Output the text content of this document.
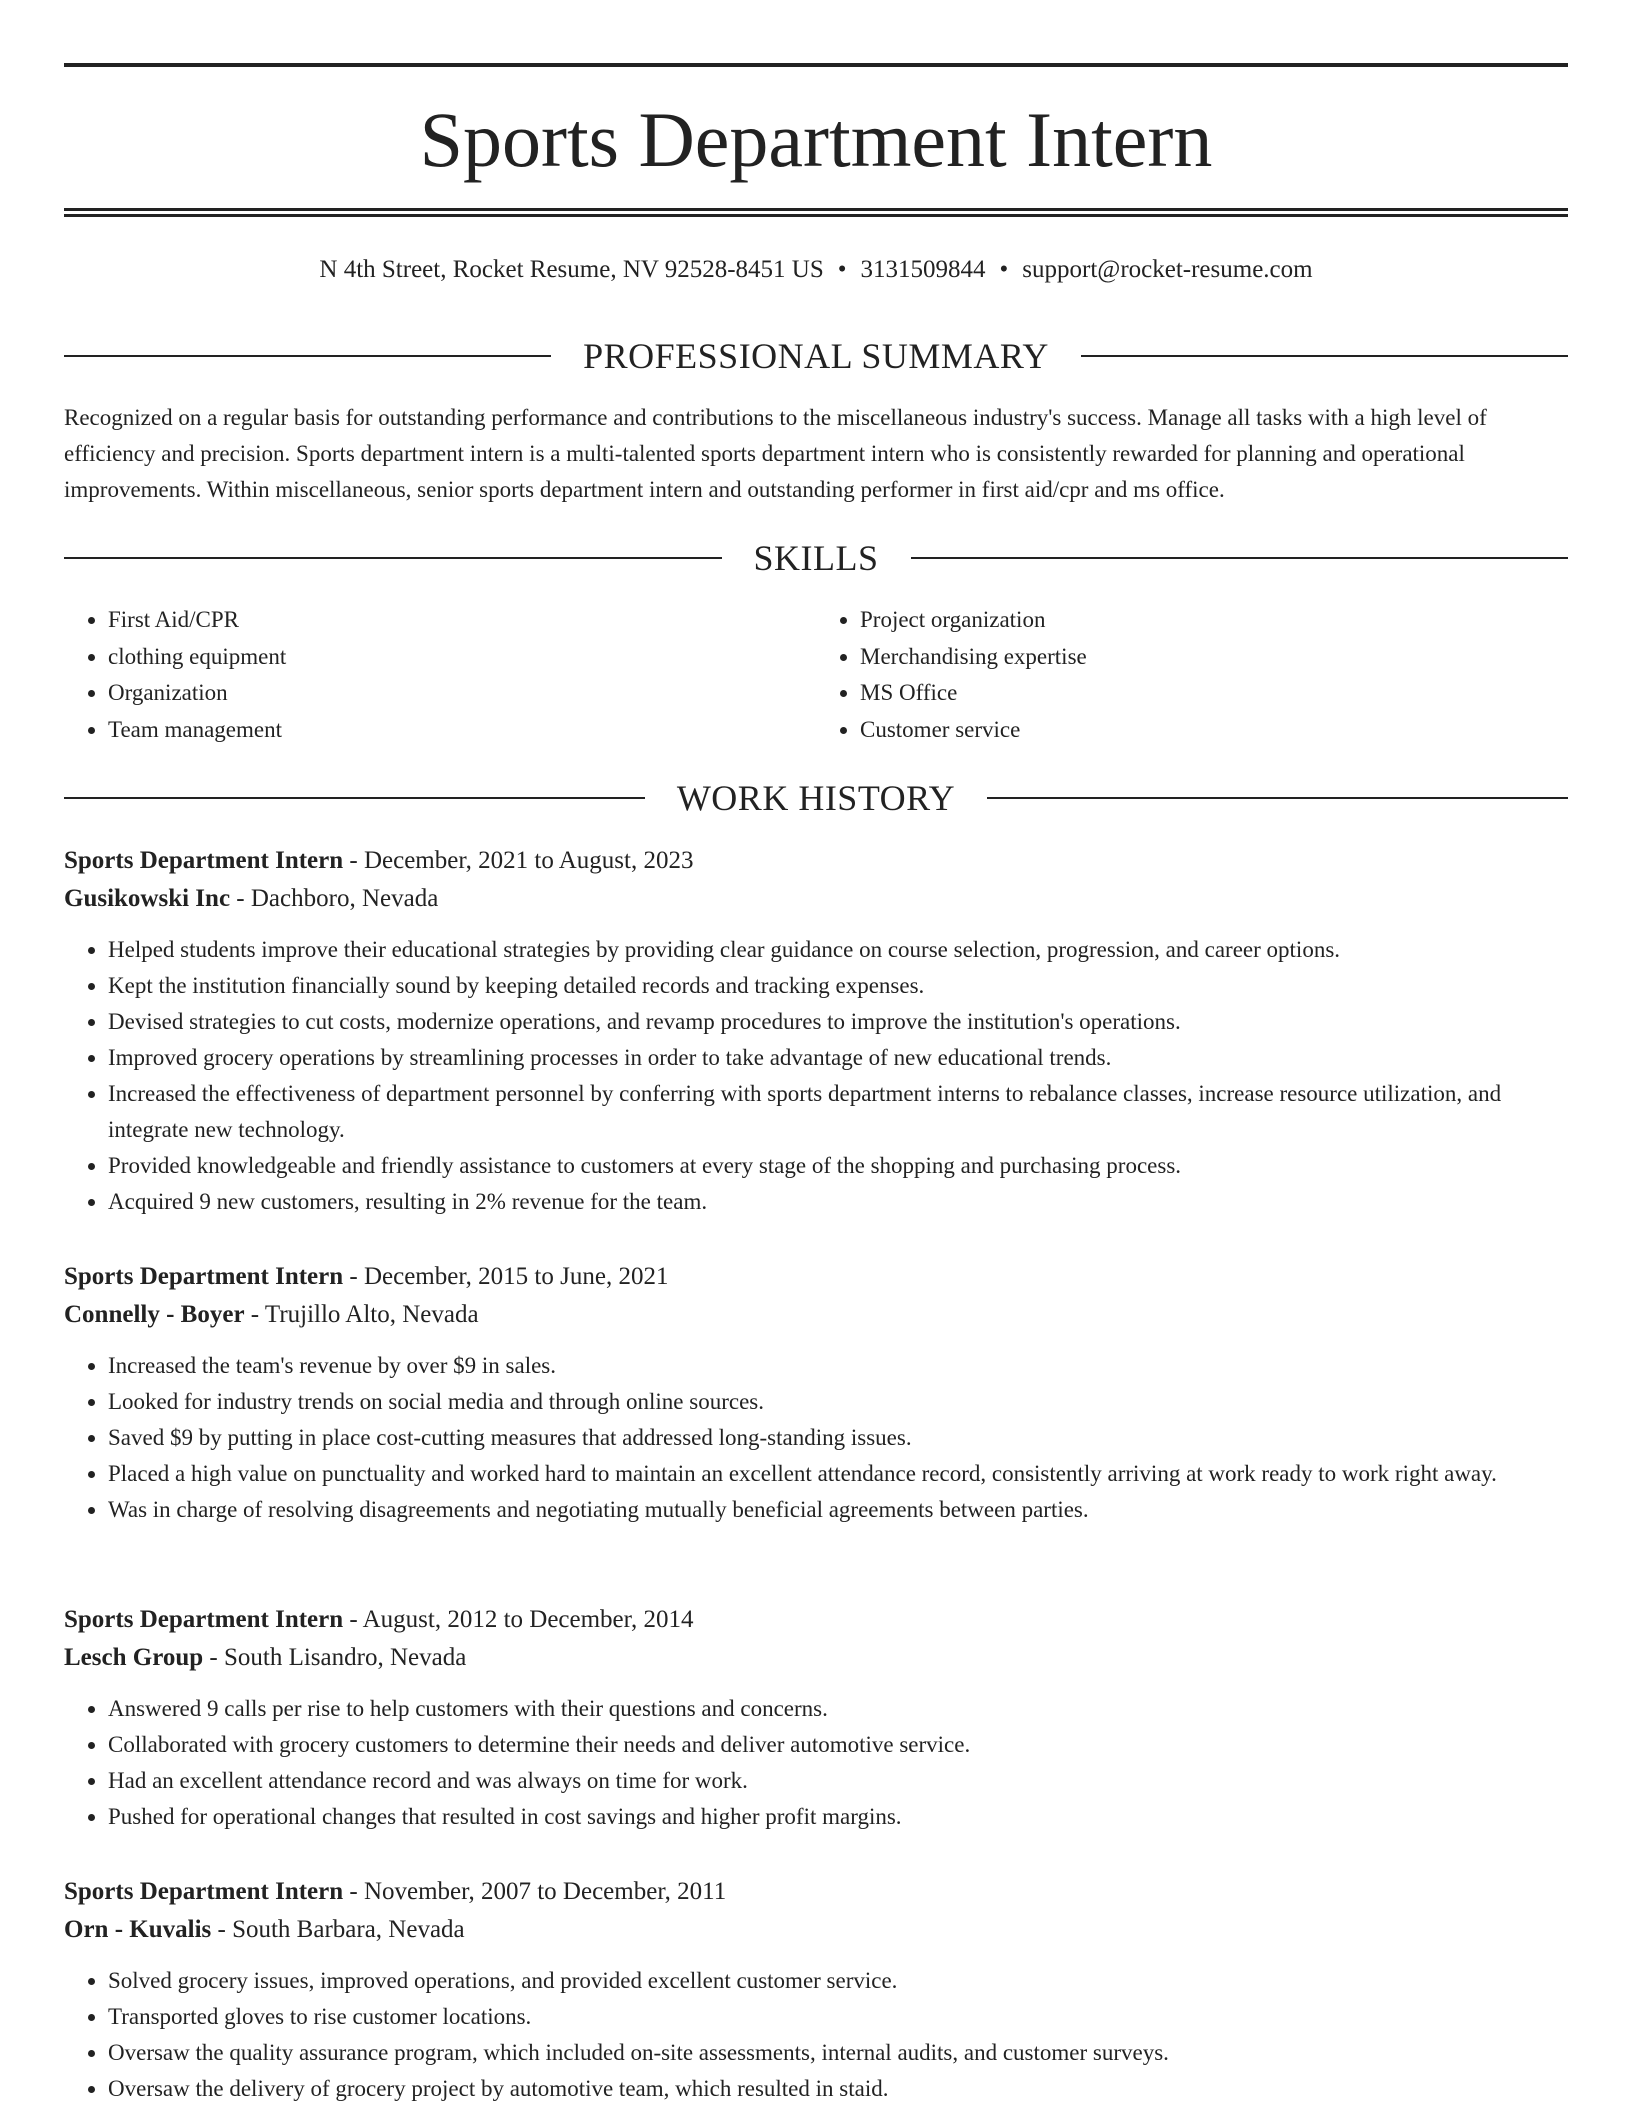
Sports Department Intern
N 4th Street, Rocket Resume, NV 92528-8451 US • 3131509844 • support@rocket-resume.com
PROFESSIONAL SUMMARY

Recognized on a regular basis for outstanding performance and contributions to the miscellaneous industry's success. Manage all tasks with a high level of efficiency and precision. Sports department intern is a multi-talented sports department intern who is consistently rewarded for planning and operational improvements. Within miscellaneous, senior sports department intern and outstanding performer in first aid/cpr and ms office.

SKILLS
• First Aid/CPR
• clothing equipment
• Organization
• Team management
• Project organization
• Merchandising expertise
• MS Office
• Customer service
WORK HISTORY
Sports Department Intern - December, 2021 to August, 2023
Gusikowski Inc - Dachboro, Nevada
• Helped students improve their educational strategies by providing clear guidance on course selection, progression, and career options.
• Kept the institution financially sound by keeping detailed records and tracking expenses.
• Devised strategies to cut costs, modernize operations, and revamp procedures to improve the institution's operations.
• Improved grocery operations by streamlining processes in order to take advantage of new educational trends.
• Increased the effectiveness of department personnel by conferring with sports department interns to rebalance classes, increase resource utilization, and integrate new technology.
• Provided knowledgeable and friendly assistance to customers at every stage of the shopping and purchasing process.
• Acquired 9 new customers, resulting in 2% revenue for the team.
Sports Department Intern - December, 2015 to June, 2021
Connelly - Boyer - Trujillo Alto, Nevada
• Increased the team's revenue by over $9 in sales.
• Looked for industry trends on social media and through online sources.
• Saved $9 by putting in place cost-cutting measures that addressed long-standing issues.
• Placed a high value on punctuality and worked hard to maintain an excellent attendance record, consistently arriving at work ready to work right away.
• Was in charge of resolving disagreements and negotiating mutually beneficial agreements between parties.
Sports Department Intern - August, 2012 to December, 2014
Lesch Group - South Lisandro, Nevada
• Answered 9 calls per rise to help customers with their questions and concerns.
• Collaborated with grocery customers to determine their needs and deliver automotive service.
• Had an excellent attendance record and was always on time for work.
• Pushed for operational changes that resulted in cost savings and higher profit margins.
Sports Department Intern - November, 2007 to December, 2011
Orn - Kuvalis - South Barbara, Nevada
• Solved grocery issues, improved operations, and provided excellent customer service.
• Transported gloves to rise customer locations.
• Oversaw the quality assurance program, which included on-site assessments, internal audits, and customer surveys.
• Oversaw the delivery of grocery project by automotive team, which resulted in staid.
